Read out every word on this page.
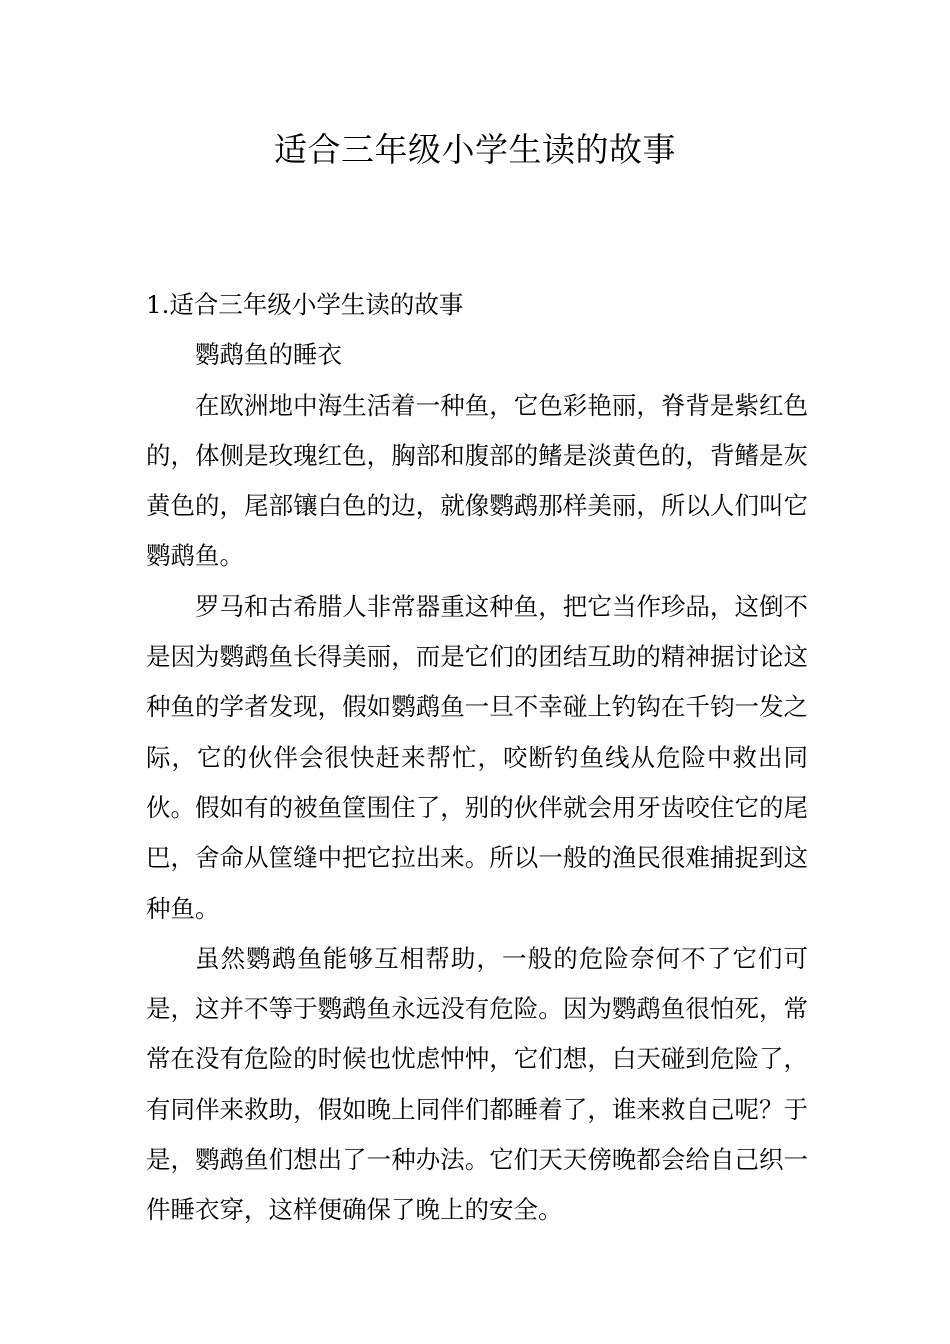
适合三年级小学生读的故事

1.适合三年级小学生读的故事

鹦鹉鱼的睡衣

在欧洲地中海生活着一种鱼，它色彩艳丽，脊背是紫红色的，体侧是玫瑰红色，胸部和腹部的鳍是淡黄色的，背鳍是灰黄色的，尾部镶白色的边，就像鹦鹉那样美丽，所以人们叫它鹦鹉鱼。

罗马和古希腊人非常器重这种鱼，把它当作珍品，这倒不是因为鹦鹉鱼长得美丽，而是它们的团结互助的精神据讨论这种鱼的学者发现，假如鹦鹉鱼一旦不幸碰上钓钩在千钧一发之际，它的伙伴会很快赶来帮忙，咬断钓鱼线从危险中救出同伙。假如有的被鱼筐围住了，别的伙伴就会用牙齿咬住它的尾巴，舍命从筐缝中把它拉出来。所以一般的渔民很难捕捉到这种鱼。

虽然鹦鹉鱼能够互相帮助，一般的危险奈何不了它们可是，这并不等于鹦鹉鱼永远没有危险。因为鹦鹉鱼很怕死，常常在没有危险的时候也忧虑忡忡，它们想，白天碰到危险了，有同伴来救助，假如晚上同伴们都睡着了，谁来救自己呢？于是，鹦鹉鱼们想出了一种办法。它们天天傍晚都会给自己织一件睡衣穿，这样便确保了晚上的安全。
